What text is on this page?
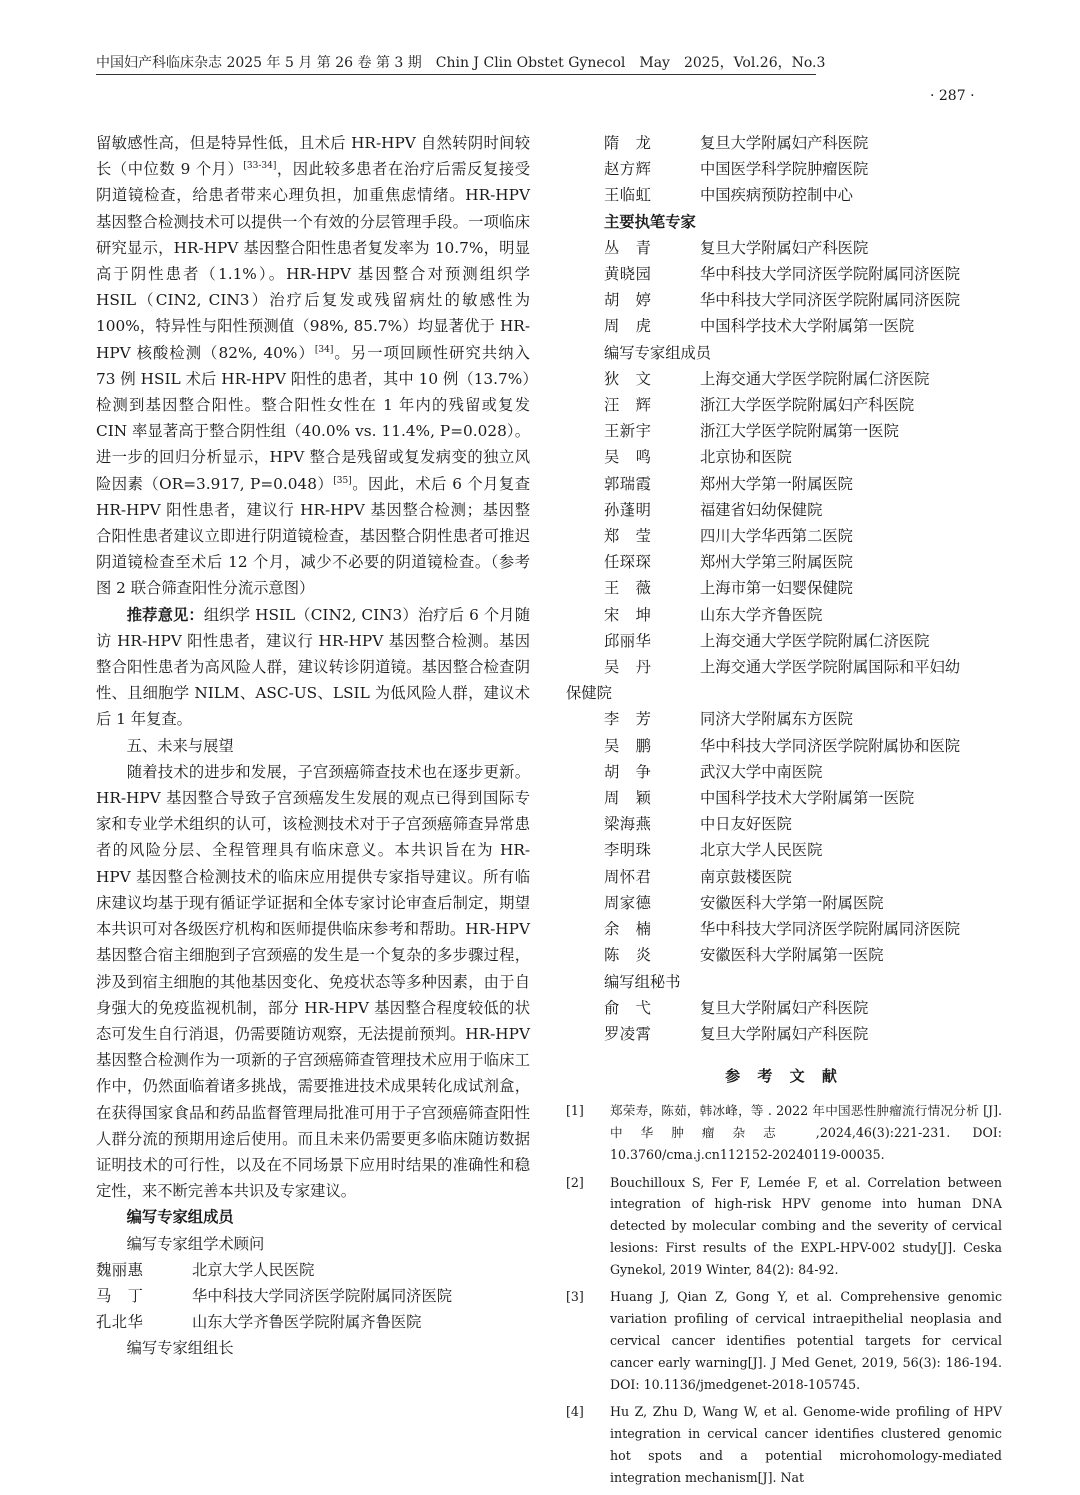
中国妇产科临床杂志 2025 年 5 月 第 26 卷 第 3 期　Chin J Clin Obstet Gynecol　May　2025，Vol.26，No.3
· 287 ·

留敏感性高，但是特异性低，且术后 HR-HPV 自然转阴时间较长（中位数 9 个月）[33-34]，因此较多患者在治疗后需反复接受阴道镜检查，给患者带来心理负担，加重焦虑情绪。HR-HPV 基因整合检测技术可以提供一个有效的分层管理手段。一项临床研究显示，HR-HPV 基因整合阳性患者复发率为 10.7%，明显高于阴性患者（1.1%）。HR-HPV 基因整合对预测组织学 HSIL（CIN2, CIN3）治疗后复发或残留病灶的敏感性为 100%，特异性与阳性预测值（98%, 85.7%）均显著优于 HR-HPV 核酸检测（82%, 40%）[34]。另一项回顾性研究共纳入 73 例 HSIL 术后 HR-HPV 阳性的患者，其中 10 例（13.7%）检测到基因整合阳性。整合阳性女性在 1 年内的残留或复发 CIN 率显著高于整合阴性组（40.0% vs. 11.4%, P=0.028）。进一步的回归分析显示，HPV 整合是残留或复发病变的独立风险因素（OR=3.917, P=0.048）[35]。因此，术后 6 个月复查 HR-HPV 阳性患者，建议行 HR-HPV 基因整合检测；基因整合阳性患者建议立即进行阴道镜检查，基因整合阴性患者可推迟阴道镜检查至术后 12 个月，减少不必要的阴道镜检查。（参考图 2 联合筛查阳性分流示意图）

推荐意见：组织学 HSIL（CIN2, CIN3）治疗后 6 个月随访 HR-HPV 阳性患者，建议行 HR-HPV 基因整合检测。基因整合阳性患者为高风险人群，建议转诊阴道镜。基因整合检查阴性、且细胞学 NILM、ASC-US、LSIL 为低风险人群，建议术后 1 年复查。

五、未来与展望

随着技术的进步和发展，子宫颈癌筛查技术也在逐步更新。HR-HPV 基因整合导致子宫颈癌发生发展的观点已得到国际专家和专业学术组织的认可，该检测技术对于子宫颈癌筛查异常患者的风险分层、全程管理具有临床意义。本共识旨在为 HR-HPV 基因整合检测技术的临床应用提供专家指导建议。所有临床建议均基于现有循证学证据和全体专家讨论审查后制定，期望本共识可对各级医疗机构和医师提供临床参考和帮助。HR-HPV 基因整合宿主细胞到子宫颈癌的发生是一个复杂的多步骤过程，涉及到宿主细胞的其他基因变化、免疫状态等多种因素，由于自身强大的免疫监视机制，部分 HR-HPV 基因整合程度较低的状态可发生自行消退，仍需要随访观察，无法提前预判。HR-HPV 基因整合检测作为一项新的子宫颈癌筛查管理技术应用于临床工作中，仍然面临着诸多挑战，需要推进技术成果转化成试剂盒，在获得国家食品和药品监督管理局批准可用于子宫颈癌筛查阳性人群分流的预期用途后使用。而且未来仍需要更多临床随访数据证明技术的可行性，以及在不同场景下应用时结果的准确性和稳定性，来不断完善本共识及专家建议。

编写专家组成员
编写专家组学术顾问
魏丽惠	北京大学人民医院
马　丁	华中科技大学同济医学院附属同济医院
孔北华	山东大学齐鲁医学院附属齐鲁医院
编写专家组组长
隋　龙	复旦大学附属妇产科医院
赵方辉	中国医学科学院肿瘤医院
王临虹	中国疾病预防控制中心
主要执笔专家
丛　青	复旦大学附属妇产科医院
黄晓园	华中科技大学同济医学院附属同济医院
胡　婷	华中科技大学同济医学院附属同济医院
周　虎	中国科学技术大学附属第一医院
编写专家组成员
狄　文	上海交通大学医学院附属仁济医院
汪　辉	浙江大学医学院附属妇产科医院
王新宇	浙江大学医学院附属第一医院
吴　鸣	北京协和医院
郭瑞霞	郑州大学第一附属医院
孙蓬明	福建省妇幼保健院
郑　莹	四川大学华西第二医院
任琛琛	郑州大学第三附属医院
王　薇	上海市第一妇婴保健院
宋　坤	山东大学齐鲁医院
邱丽华	上海交通大学医学院附属仁济医院
吴　丹	上海交通大学医学院附属国际和平妇幼
保健院
李　芳	同济大学附属东方医院
吴　鹏	华中科技大学同济医学院附属协和医院
胡　争	武汉大学中南医院
周　颖	中国科学技术大学附属第一医院
梁海燕	中日友好医院
李明珠	北京大学人民医院
周怀君	南京鼓楼医院
周家德	安徽医科大学第一附属医院
余　楠	华中科技大学同济医学院附属同济医院
陈　炎	安徽医科大学附属第一医院
编写组秘书
俞　弋	复旦大学附属妇产科医院
罗凌霄	复旦大学附属妇产科医院
参 考 文 献
[1]	郑荣寿，陈茹，韩冰峰，等 . 2022 年中国恶性肿瘤流行情况分析 [J]. 中华肿瘤杂志 ,2024,46(3):221-231. DOI: 10.3760/cma.j.cn112152-20240119-00035.
[2]	Bouchilloux S, Fer F, Lemée F, et al. Correlation between integration of high-risk HPV genome into human DNA detected by molecular combing and the severity of cervical lesions: First results of the EXPL-HPV-002 study[J]. Ceska Gynekol, 2019 Winter, 84(2): 84-92.
[3]	Huang J, Qian Z, Gong Y, et al. Comprehensive genomic variation profiling of cervical intraepithelial neoplasia and cervical cancer identifies potential targets for cervical cancer early warning[J]. J Med Genet, 2019, 56(3): 186-194. DOI: 10.1136/jmedgenet-2018-105745.
[4]	Hu Z, Zhu D, Wang W, et al. Genome-wide profiling of HPV integration in cervical cancer identifies clustered genomic hot spots and a potential microhomology-mediated integration mechanism[J]. Nat
